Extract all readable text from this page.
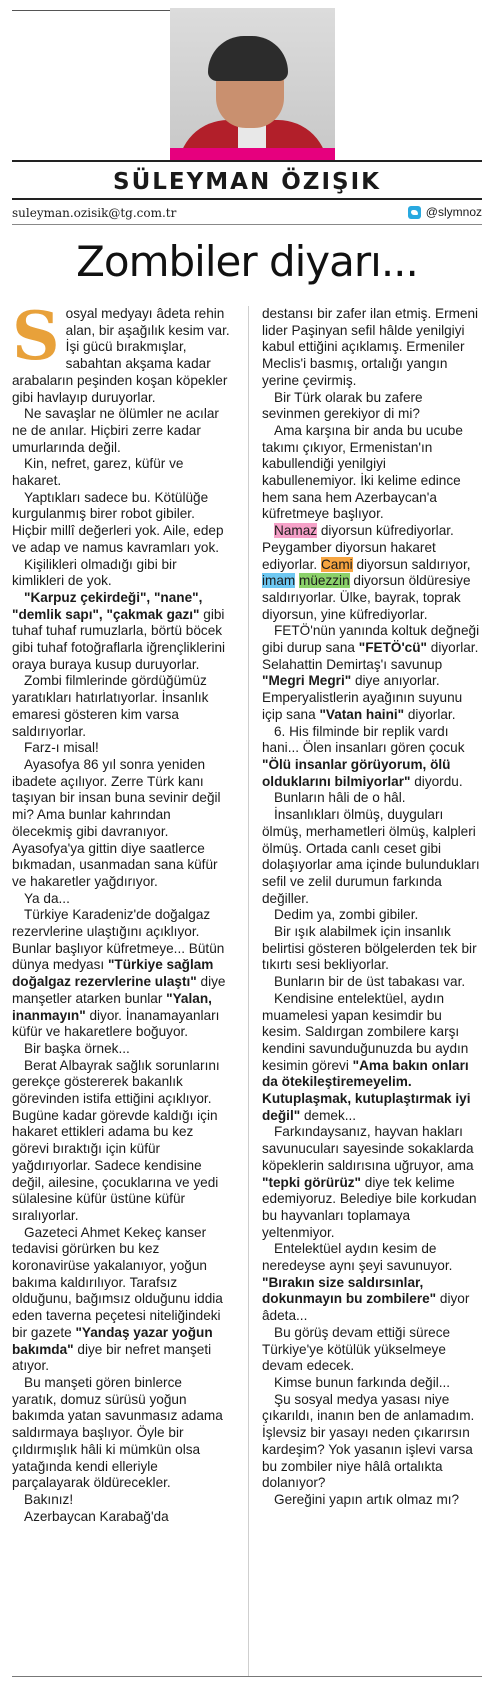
SÜLEYMAN ÖZIŞIK
suleyman.ozisik@tg.com.tr	@slymnoz
Zombiler diyarı...

Sosyal medyayı âdeta rehin alan, bir aşağılık kesim var. İşi gücü bırakmışlar, sabahtan akşama kadar arabaların peşinden koşan köpekler gibi havlayıp duruyorlar.

Ne savaşlar ne ölümler ne acılar ne de anılar. Hiçbiri zerre kadar umurlarında değil.

Kin, nefret, garez, küfür ve hakaret.

Yaptıkları sadece bu. Kötülüğe kurgulanmış birer robot gibiler. Hiçbir millî değerleri yok. Aile, edep ve adap ve namus kavramları yok.

Kişilikleri olmadığı gibi bir kimlikleri de yok.

"Karpuz çekirdeği", "nane", "demlik sapı", "çakmak gazı" gibi tuhaf tuhaf rumuzlarla, börtü böcek gibi tuhaf fotoğraflarla iğrençliklerini oraya buraya kusup duruyorlar.

Zombi filmlerinde gördüğümüz yaratıkları hatırlatıyorlar. İnsanlık emaresi gösteren kim varsa saldırıyorlar.

Farz-ı misal!

Ayasofya 86 yıl sonra yeniden ibadete açılıyor. Zerre Türk kanı taşıyan bir insan buna sevinir değil mi? Ama bunlar kahrından ölecekmiş gibi davranıyor. Ayasofya'ya gittin diye saatlerce bıkmadan, usanmadan sana küfür ve hakaretler yağdırıyor.

Ya da...

Türkiye Karadeniz'de doğalgaz rezervlerine ulaştığını açıklıyor. Bunlar başlıyor küfretmeye... Bütün dünya medyası "Türkiye sağlam doğalgaz rezervlerine ulaştı" diye manşetler atarken bunlar "Yalan, inanmayın" diyor. İnanamayanları küfür ve hakaretlere boğuyor.

Bir başka örnek...

Berat Albayrak sağlık sorunlarını gerekçe göstererek bakanlık görevinden istifa ettiğini açıklıyor. Bugüne kadar görevde kaldığı için hakaret ettikleri adama bu kez görevi bıraktığı için küfür yağdırıyorlar. Sadece kendisine değil, ailesine, çocuklarına ve yedi sülalesine küfür üstüne küfür sıralıyorlar.

Gazeteci Ahmet Kekeç kanser tedavisi görürken bu kez koronavirüse yakalanıyor, yoğun bakıma kaldırılıyor. Tarafsız olduğunu, bağımsız olduğunu iddia eden taverna peçetesi niteliğindeki bir gazete "Yandaş yazar yoğun bakımda" diye bir nefret manşeti atıyor.

Bu manşeti gören binlerce yaratık, domuz sürüsü yoğun bakımda yatan savunmasız adama saldırmaya başlıyor. Öyle bir çıldırmışlık hâli ki mümkün olsa yatağında kendi elleriyle parçalayarak öldürecekler.

Bakınız!

Azerbaycan Karabağ'da

destansı bir zafer ilan etmiş. Ermeni lider Paşinyan sefil hâlde yenilgiyi kabul ettiğini açıklamış. Ermeniler Meclis'i basmış, ortalığı yangın yerine çevirmiş.

Bir Türk olarak bu zafere sevinmen gerekiyor di mi?

Ama karşına bir anda bu ucube takımı çıkıyor, Ermenistan'ın kabullendiği yenilgiyi kabullenemiyor. İki kelime edince hem sana hem Azerbaycan'a küfretmeye başlıyor.

Namaz diyorsun küfrediyorlar. Peygamber diyorsun hakaret ediyorlar. Cami diyorsun saldırıyor, imam müezzin diyorsun öldüresiye saldırıyorlar. Ülke, bayrak, toprak diyorsun, yine küfrediyorlar.

FETÖ'nün yanında koltuk değneği gibi durup sana "FETÖ'cü" diyorlar. Selahattin Demirtaş'ı savunup "Megri Megri" diye anıyorlar. Emperyalistlerin ayağının suyunu içip sana "Vatan haini" diyorlar.

6. His filminde bir replik vardı hani... Ölen insanları gören çocuk "Ölü insanlar görüyorum, ölü olduklarını bilmiyorlar" diyordu.

Bunların hâli de o hâl.

İnsanlıkları ölmüş, duyguları ölmüş, merhametleri ölmüş, kalpleri ölmüş. Ortada canlı ceset gibi dolaşıyorlar ama içinde bulundukları sefil ve zelil durumun farkında değiller.

Dedim ya, zombi gibiler.

Bir ışık alabilmek için insanlık belirtisi gösteren bölgelerden tek bir tıkırtı sesi bekliyorlar.

Bunların bir de üst tabakası var.

Kendisine entelektüel, aydın muamelesi yapan kesimdir bu kesim. Saldırgan zombilere karşı kendini savunduğunuzda bu aydın kesimin görevi "Ama bakın onları da ötekileştiremeyelim. Kutuplaşmak, kutuplaştırmak iyi değil" demek...

Farkındaysanız, hayvan hakları savunucuları sayesinde sokaklarda köpeklerin saldırısına uğruyor, ama "tepki görürüz" diye tek kelime edemiyoruz. Belediye bile korkudan bu hayvanları toplamaya yeltenmiyor.

Entelektüel aydın kesim de neredeyse aynı şeyi savunuyor. "Bırakın size saldırsınlar, dokunmayın bu zombilere" diyor âdeta...

Bu görüş devam ettiği sürece Türkiye'ye kötülük yükselmeye devam edecek.

Kimse bunun farkında değil...

Şu sosyal medya yasası niye çıkarıldı, inanın ben de anlamadım. İşlevsiz bir yasayı neden çıkarırsın kardeşim? Yok yasanın işlevi varsa bu zombiler niye hâlâ ortalıkta dolanıyor?

Gereğini yapın artık olmaz mı?
